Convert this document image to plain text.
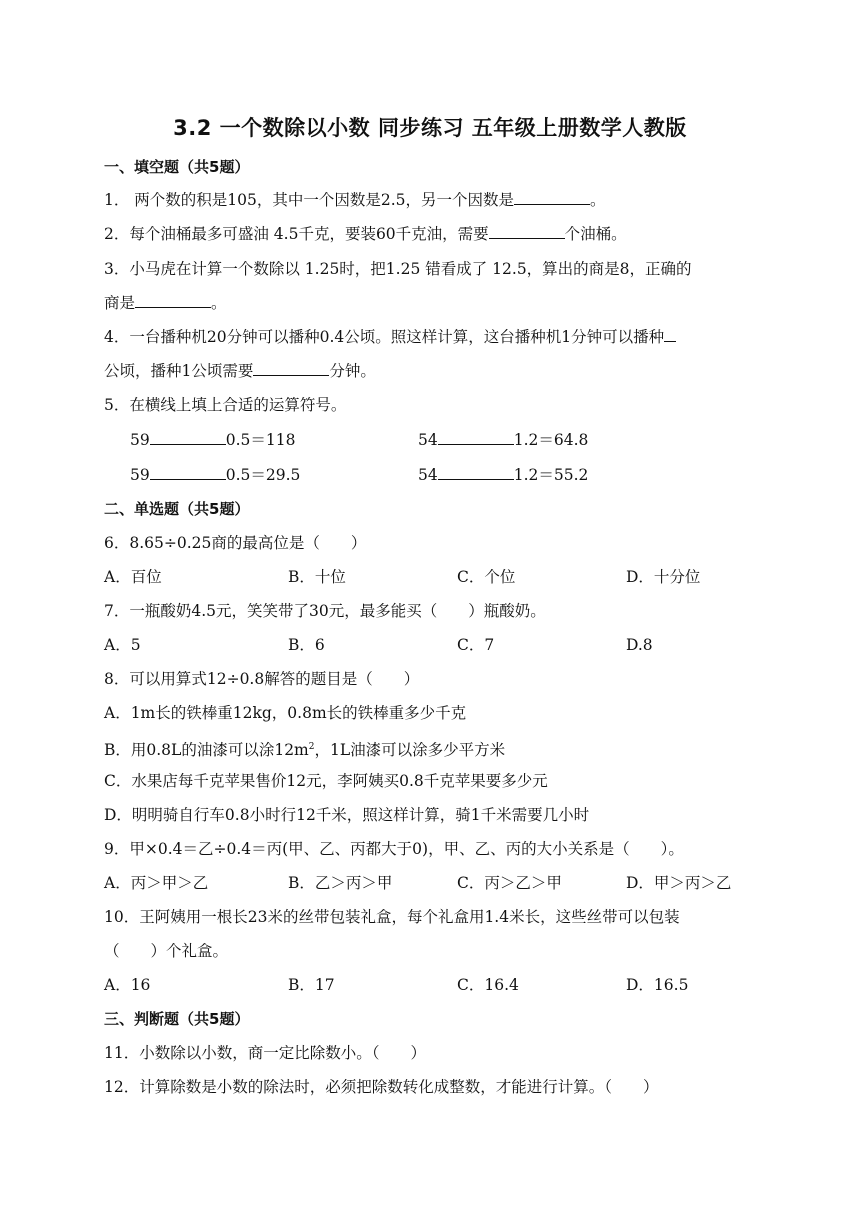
3.2 一个数除以小数 同步练习 五年级上册数学人教版
一、填空题（共5题）
1． 两个数的积是105，其中一个因数是2.5，另一个因数是	。
2．每个油桶最多可盛油 4.5千克，要装60千克油，需要	个油桶。
3．小马虎在计算一个数除以 1.25时，把1.25 错看成了 12.5，算出的商是8，正确的
商是	。
4．一台播种机20分钟可以播种0.4公顷。照这样计算，这台播种机1分钟可以播种
公顷，播种1公顷需要	分钟。
5．在横线上填上合适的运算符号。
59	0.5＝118	54	1.2＝64.8
59	0.5＝29.5	54	1.2＝55.2
二、单选题（共5题）
6．8.65÷0.25商的最高位是（　　）
A．百位	B．十位	C．个位	D．十分位
7．一瓶酸奶4.5元，笑笑带了30元，最多能买（　　）瓶酸奶。
A．5	B．6	C．7	D.8
8．可以用算式12÷0.8解答的题目是（　　）
A．1m长的铁棒重12kg，0.8m长的铁棒重多少千克
B．用0.8L的油漆可以涂$12m^2$，1L油漆可以涂多少平方米
C．水果店每千克苹果售价12元，李阿姨买0.8千克苹果要多少元
D．明明骑自行车0.8小时行12千米，照这样计算，骑1千米需要几小时
9．甲×0.4＝乙÷0.4＝丙(甲、乙、丙都大于0)，甲、乙、丙的大小关系是（　　）。
A．丙＞甲＞乙	B．乙＞丙＞甲	C．丙＞乙＞甲	D．甲＞丙＞乙
10．王阿姨用一根长23米的丝带包装礼盒，每个礼盒用1.4米长，这些丝带可以包装
（　　）个礼盒。
A．16	B．17	C．16.4	D．16.5
三、判断题（共5题）
11．小数除以小数，商一定比除数小。（　　）
12．计算除数是小数的除法时，必须把除数转化成整数，才能进行计算。（　　）
